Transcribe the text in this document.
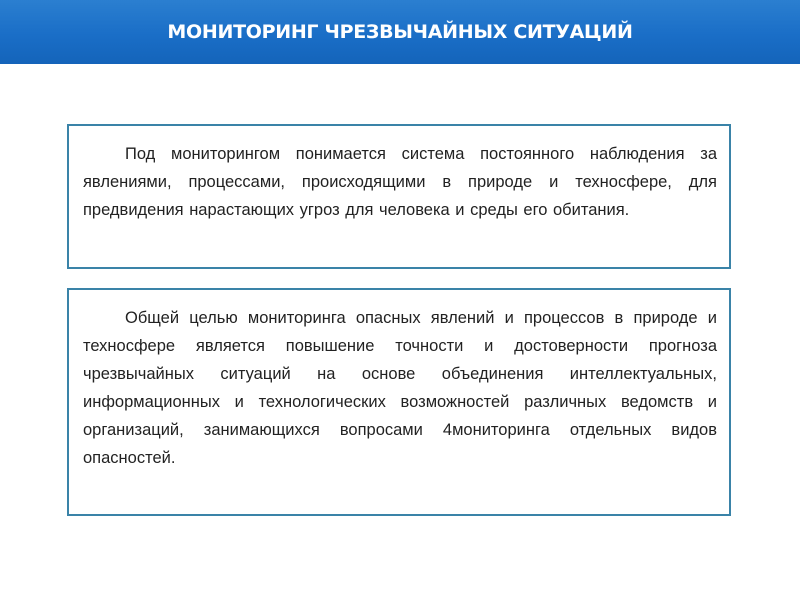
МОНИТОРИНГ ЧРЕЗВЫЧАЙНЫХ СИТУАЦИЙ

Под мониторингом понимается система постоянного наблюдения за явлениями, процессами, происходящими в природе и техносфере, для предвидения нарастающих угроз для человека и среды его обитания.

Общей целью мониторинга опасных явлений и процессов в природе и техносфере является повышение точности и достоверности прогноза чрезвычайных ситуаций на основе объединения интеллектуальных, информационных и технологических возможностей различных ведомств и организаций, занимающихся вопросами 4мониторинга отдельных видов опасностей.
